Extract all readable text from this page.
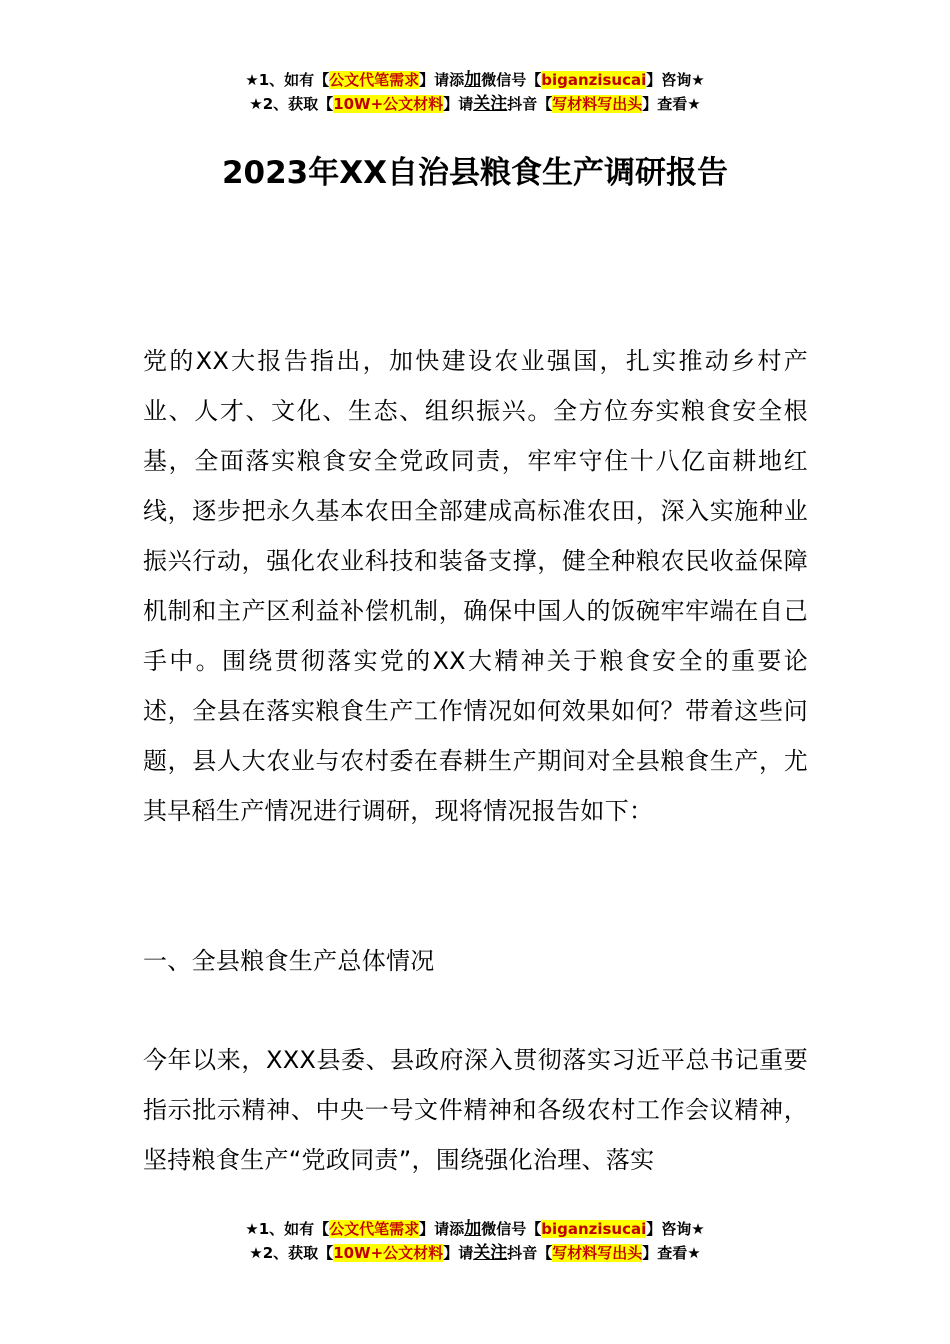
★1、如有【公文代笔需求】请添加微信号【biganzisucai】咨询★
★2、获取【10W+公文材料】请关注抖音【写材料写出头】查看★
2023年XX自治县粮食生产调研报告

党的XX大报告指出，加快建设农业强国，扎实推动乡村产业、人才、文化、生态、组织振兴。全方位夯实粮食安全根基，全面落实粮食安全党政同责，牢牢守住十八亿亩耕地红线，逐步把永久基本农田全部建成高标准农田，深入实施种业振兴行动，强化农业科技和装备支撑，健全种粮农民收益保障机制和主产区利益补偿机制，确保中国人的饭碗牢牢端在自己手中。围绕贯彻落实党的XX大精神关于粮食安全的重要论述，全县在落实粮食生产工作情况如何效果如何？带着这些问题，县人大农业与农村委在春耕生产期间对全县粮食生产，尤其早稻生产情况进行调研，现将情况报告如下：

一、全县粮食生产总体情况

今年以来，XXX县委、县政府深入贯彻落实习近平总书记重要指示批示精神、中央一号文件精神和各级农村工作会议精神，坚持粮食生产“党政同责”，围绕强化治理、落实

★1、如有【公文代笔需求】请添加微信号【biganzisucai】咨询★
★2、获取【10W+公文材料】请关注抖音【写材料写出头】查看★
